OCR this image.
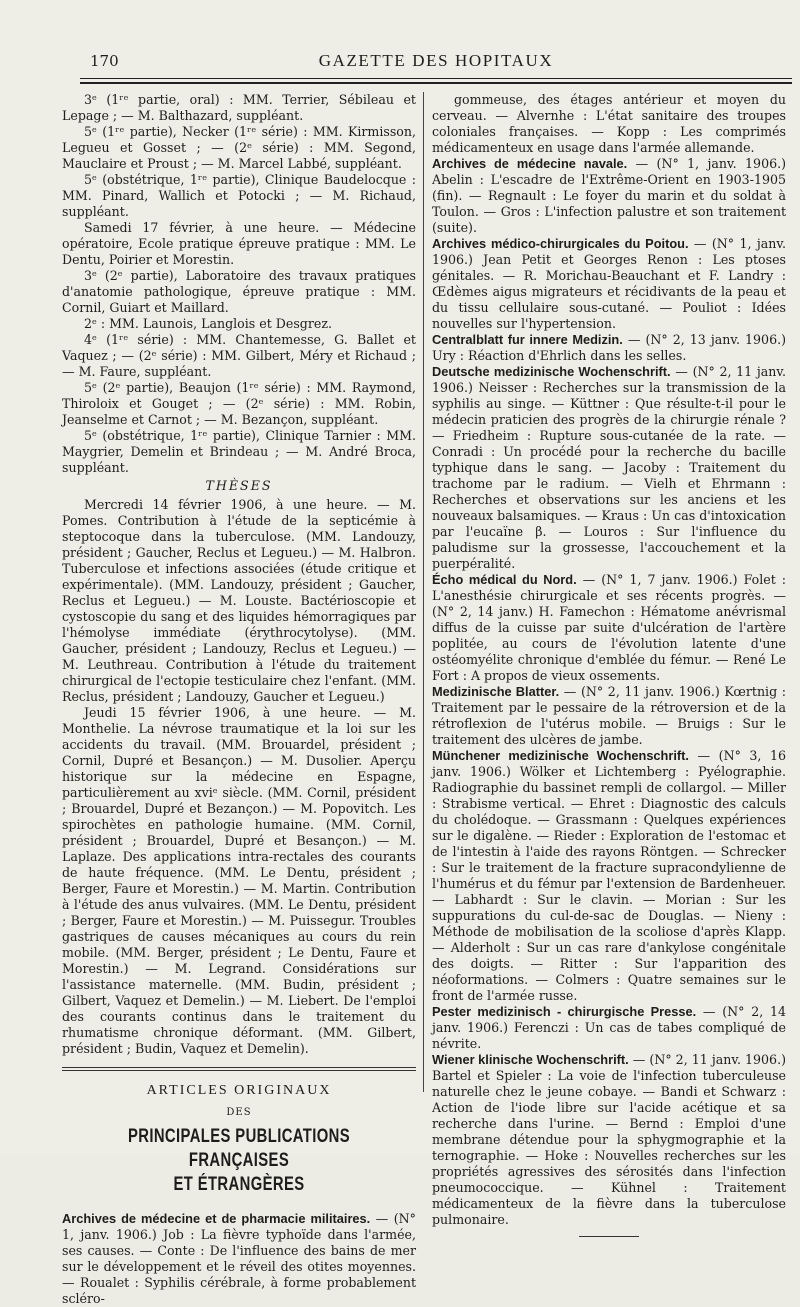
170	GAZETTE DES HOPITAUX

3ᵉ (1ʳᵉ partie, oral) : MM. Terrier, Sébileau et Lepage ; — M. Balthazard, suppléant.

5ᵉ (1ʳᵉ partie), Necker (1ʳᵉ série) : MM. Kirmisson, Legueu et Gosset ; — (2ᵉ série) : MM. Segond, Mauclaire et Proust ; — M. Marcel Labbé, suppléant.

5ᵉ (obstétrique, 1ʳᵉ partie), Clinique Baudelocque : MM. Pinard, Wallich et Potocki ; — M. Richaud, suppléant.

Samedi 17 février, à une heure. — Médecine opératoire, Ecole pratique épreuve pratique : MM. Le Dentu, Poirier et Morestin.

3ᵉ (2ᵉ partie), Laboratoire des travaux pratiques d'anatomie pathologique, épreuve pratique : MM. Cornil, Guiart et Maillard.

2ᵉ : MM. Launois, Langlois et Desgrez.

4ᵉ (1ʳᵉ série) : MM. Chantemesse, G. Ballet et Vaquez ; — (2ᵉ série) : MM. Gilbert, Méry et Richaud ; — M. Faure, suppléant.

5ᵉ (2ᵉ partie), Beaujon (1ʳᵉ série) : MM. Raymond, Thiroloix et Gouget ; — (2ᵉ série) : MM. Robin, Jeanselme et Carnot ; — M. Bezançon, suppléant.

5ᵉ (obstétrique, 1ʳᵉ partie), Clinique Tarnier : MM. Maygrier, Demelin et Brindeau ; — M. André Broca, suppléant.

THÈSES

Mercredi 14 février 1906, à une heure. — M. Pomes. Contribution à l'étude de la septicémie à steptocoque dans la tuberculose. (MM. Landouzy, président ; Gaucher, Reclus et Legueu.) — M. Halbron. Tuberculose et infections associées (étude critique et expérimentale). (MM. Landouzy, président ; Gaucher, Reclus et Legueu.) — M. Louste. Bactérioscopie et cystoscopie du sang et des liquides hémorragiques par l'hémolyse immédiate (érythrocytolyse). (MM. Gaucher, président ; Landouzy, Reclus et Legueu.) — M. Leuthreau. Contribution à l'étude du traitement chirurgical de l'ectopie testiculaire chez l'enfant. (MM. Reclus, président ; Landouzy, Gaucher et Legueu.)

Jeudi 15 février 1906, à une heure. — M. Monthelie. La névrose traumatique et la loi sur les accidents du travail. (MM. Brouardel, président ; Cornil, Dupré et Besançon.) — M. Dusolier. Aperçu historique sur la médecine en Espagne, particulièrement au xviᵉ siècle. (MM. Cornil, président ; Brouardel, Dupré et Bezançon.) — M. Popovitch. Les spirochètes en pathologie humaine. (MM. Cornil, président ; Brouardel, Dupré et Besançon.) — M. Laplaze. Des applications intra-rectales des courants de haute fréquence. (MM. Le Dentu, président ; Berger, Faure et Morestin.) — M. Martin. Contribution à l'étude des anus vulvaires. (MM. Le Dentu, président ; Berger, Faure et Morestin.) — M. Puissegur. Troubles gastriques de causes mécaniques au cours du rein mobile. (MM. Berger, président ; Le Dentu, Faure et Morestin.) — M. Legrand. Considérations sur l'assistance maternelle. (MM. Budin, président ; Gilbert, Vaquez et Demelin.) — M. Liebert. De l'emploi des courants continus dans le traitement du rhumatisme chronique déformant. (MM. Gilbert, président ; Budin, Vaquez et Demelin).

ARTICLES ORIGINAUX
DES
PRINCIPALES PUBLICATIONS FRANÇAISES
ET ÉTRANGÈRES

Archives de médecine et de pharmacie militaires. — (N° 1, janv. 1906.) Job : La fièvre typhoïde dans l'armée, ses causes. — Conte : De l'influence des bains de mer sur le développement et le réveil des otites moyennes. — Roualet : Syphilis cérébrale, à forme probablement scléro-

gommeuse, des étages antérieur et moyen du cerveau. — Alvernhe : L'état sanitaire des troupes coloniales françaises. — Kopp : Les comprimés médicamenteux en usage dans l'armée allemande.

Archives de médecine navale. — (N° 1, janv. 1906.) Abelin : L'escadre de l'Extrême-Orient en 1903-1905 (fin). — Regnault : Le foyer du marin et du soldat à Toulon. — Gros : L'infection palustre et son traitement (suite).

Archives médico-chirurgicales du Poitou. — (N° 1, janv. 1906.) Jean Petit et Georges Renon : Les ptoses génitales. — R. Morichau-Beauchant et F. Landry : Œdèmes aigus migrateurs et récidivants de la peau et du tissu cellulaire sous-cutané. — Pouliot : Idées nouvelles sur l'hypertension.

Centralblatt fur innere Medizin. — (N° 2, 13 janv. 1906.) Ury : Réaction d'Ehrlich dans les selles.

Deutsche medizinische Wochenschrift. — (N° 2, 11 janv. 1906.) Neisser : Recherches sur la transmission de la syphilis au singe. — Küttner : Que résulte-t-il pour le médecin praticien des progrès de la chirurgie rénale ? — Friedheim : Rupture sous-cutanée de la rate. — Conradi : Un procédé pour la recherche du bacille typhique dans le sang. — Jacoby : Traitement du trachome par le radium. — Vielh et Ehrmann : Recherches et observations sur les anciens et les nouveaux balsamiques. — Kraus : Un cas d'intoxication par l'eucaïne β. — Louros : Sur l'influence du paludisme sur la grossesse, l'accouchement et la puerpéralité.

Écho médical du Nord. — (N° 1, 7 janv. 1906.) Folet : L'anesthésie chirurgicale et ses récents progrès. — (N° 2, 14 janv.) H. Famechon : Hématome anévrismal diffus de la cuisse par suite d'ulcération de l'artère poplitée, au cours de l'évolution latente d'une ostéomyélite chronique d'emblée du fémur. — René Le Fort : A propos de vieux ossements.

Medizinische Blatter. — (N° 2, 11 janv. 1906.) Kœrtnig : Traitement par le pessaire de la rétroversion et de la rétroflexion de l'utérus mobile. — Bruigs : Sur le traitement des ulcères de jambe.

Münchener medizinische Wochenschrift. — (N° 3, 16 janv. 1906.) Wölker et Lichtemberg : Pyélographie. Radiographie du bassinet rempli de collargol. — Miller : Strabisme vertical. — Ehret : Diagnostic des calculs du cholédoque. — Grassmann : Quelques expériences sur le digalène. — Rieder : Exploration de l'estomac et de l'intestin à l'aide des rayons Röntgen. — Schrecker : Sur le traitement de la fracture supracondylienne de l'humérus et du fémur par l'extension de Bardenheuer. — Labhardt : Sur le clavin. — Morian : Sur les suppurations du cul-de-sac de Douglas. — Nieny : Méthode de mobilisation de la scoliose d'après Klapp. — Alderholt : Sur un cas rare d'ankylose congénitale des doigts. — Ritter : Sur l'apparition des néoformations. — Colmers : Quatre semaines sur le front de l'armée russe.

Pester medizinisch - chirurgische Presse. — (N° 2, 14 janv. 1906.) Ferenczi : Un cas de tabes compliqué de névrite.

Wiener klinische Wochenschrift. — (N° 2, 11 janv. 1906.) Bartel et Spieler : La voie de l'infection tuberculeuse naturelle chez le jeune cobaye. — Bandi et Schwarz : Action de l'iode libre sur l'acide acétique et sa recherche dans l'urine. — Bernd : Emploi d'une membrane détendue pour la sphygmographie et la ternographie. — Hoke : Nouvelles recherches sur les propriétés agressives des sérosités dans l'infection pneumococcique. — Kühnel : Traitement médicamenteux de la fièvre dans la tuberculose pulmonaire.
